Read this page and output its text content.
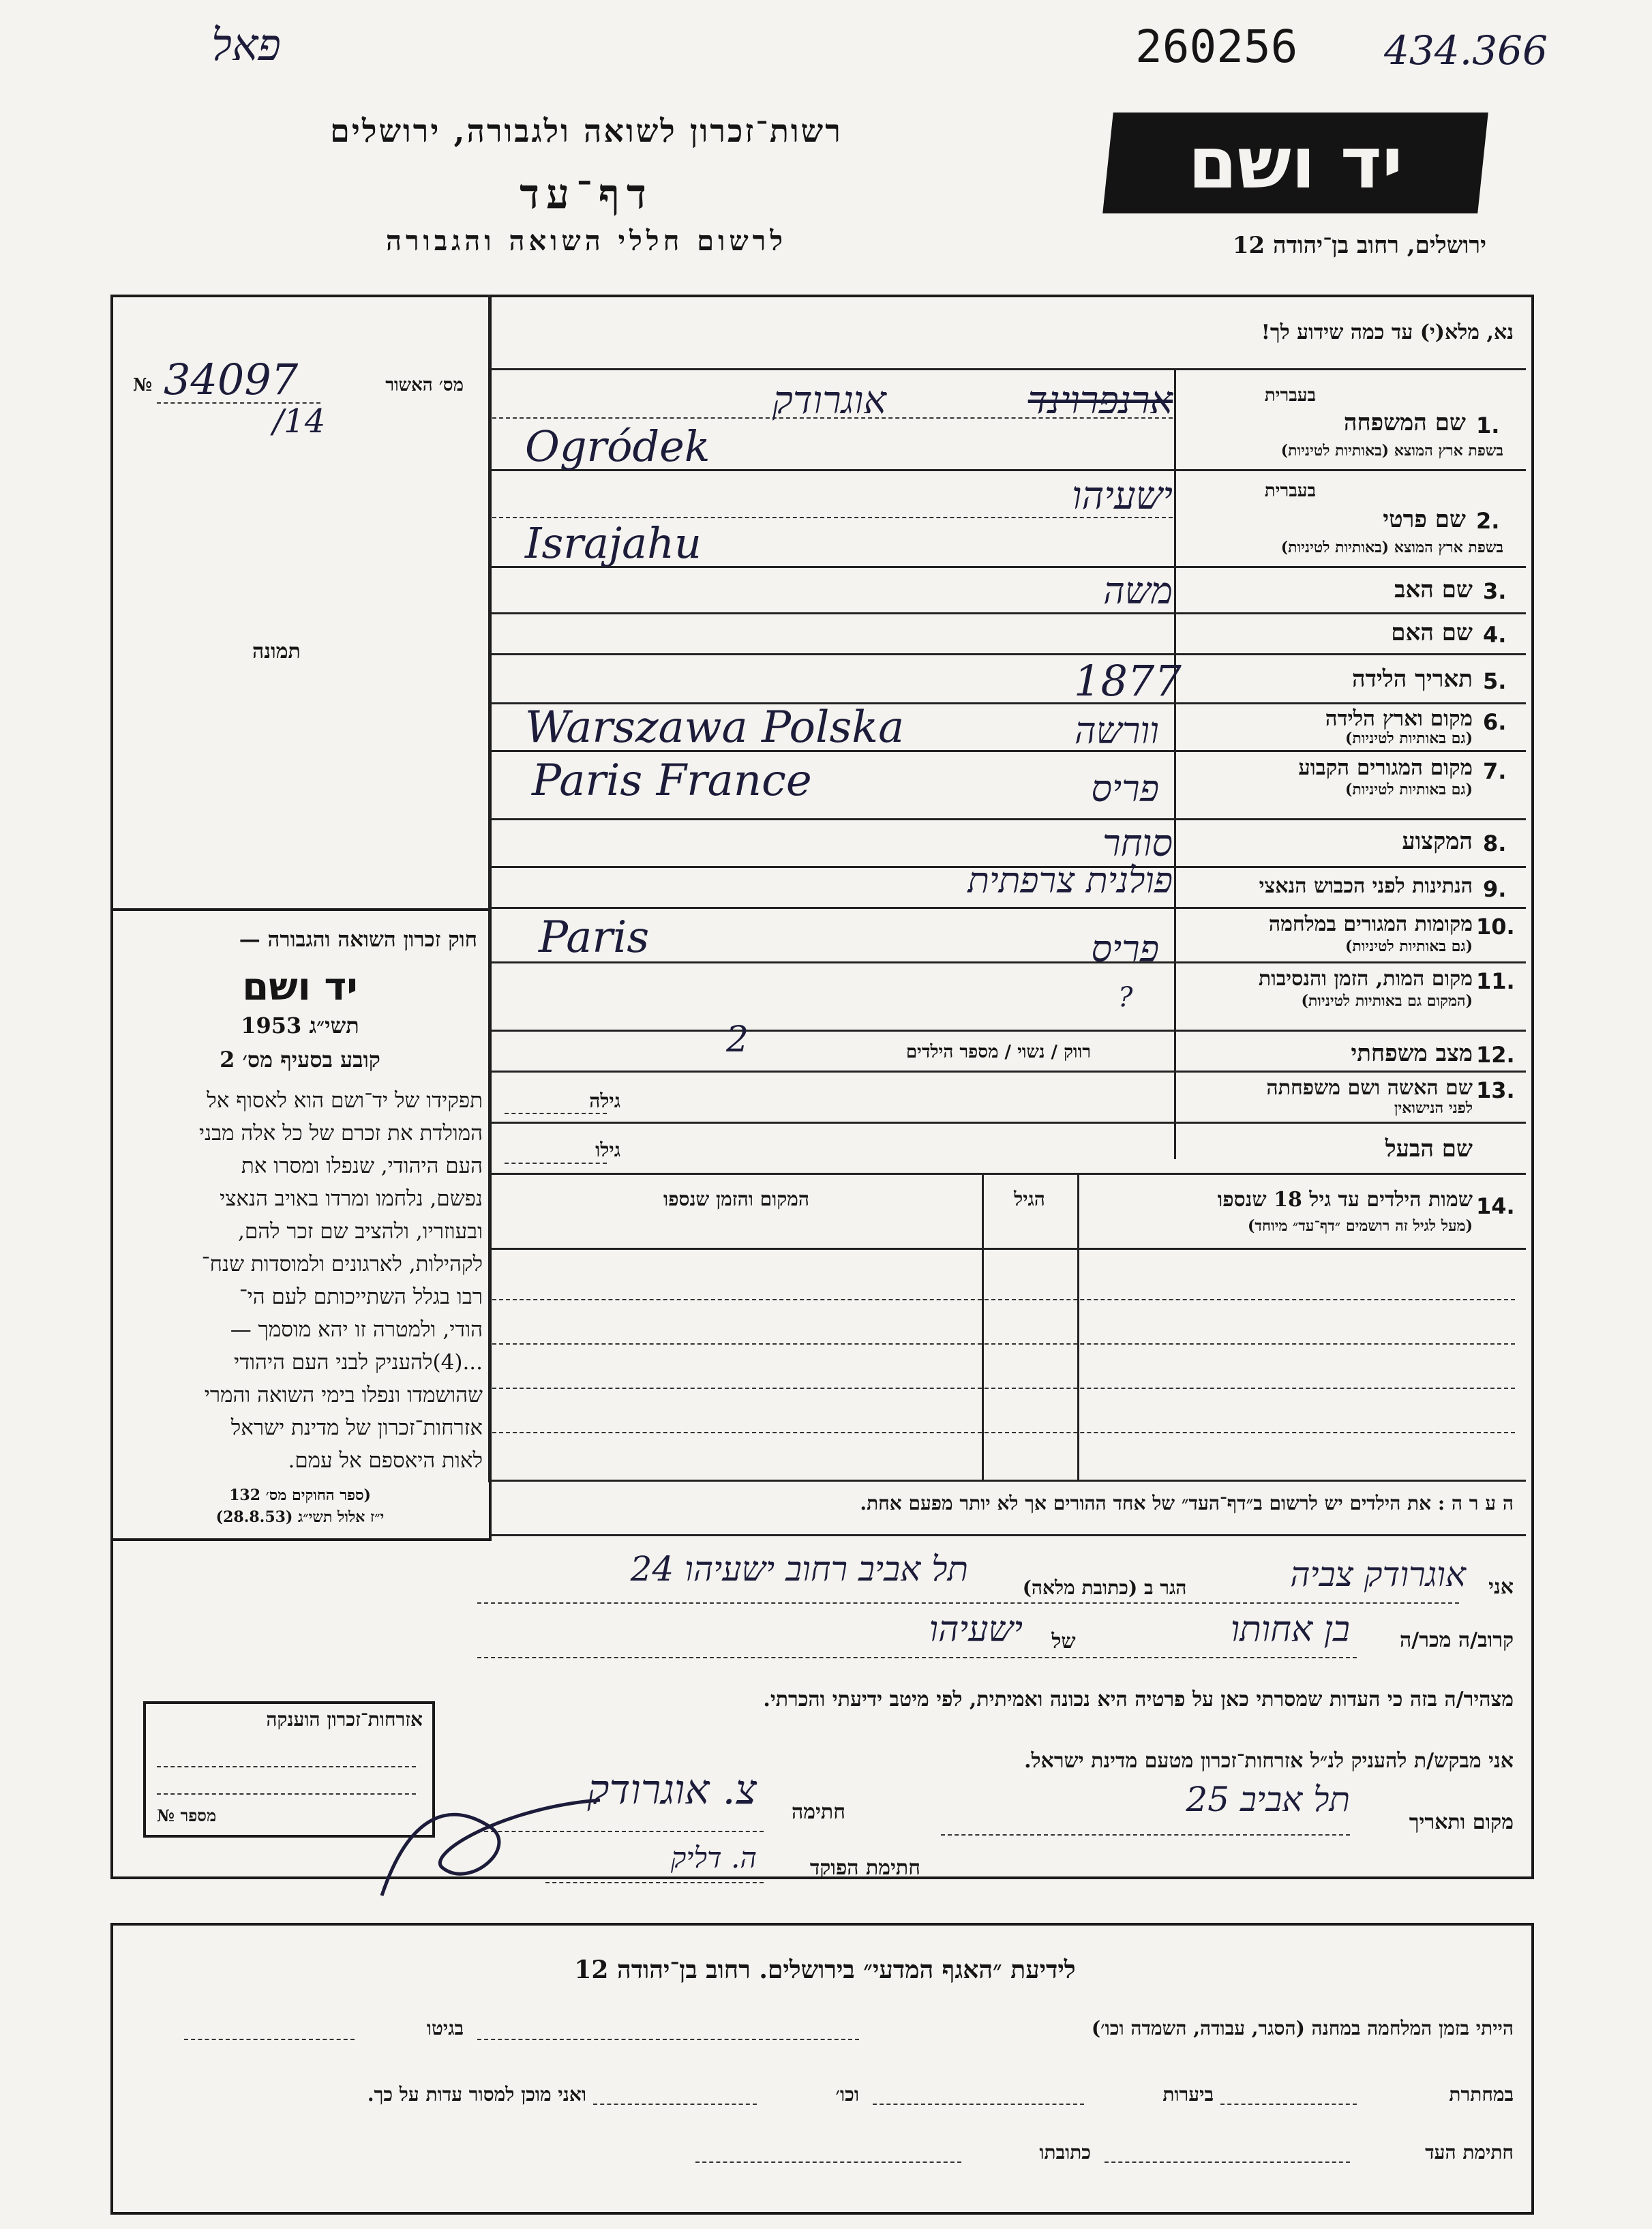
פאל	260256 434.366
רשות־זכרון לשואה ולגבורה, ירושלים
דף־עד
לרשום חללי השואה והגבורה
יד ושם
ירושלים, רחוב בן־יהודה 12
מס׳ האשור
№ 34097
/14
תמונה
חוק זכרון השואה והגבורה —
יד ושם
תשי״ג 1953
קובע בסעיף מס׳ 2
תפקידו של יד־ושם הוא לאסוף אל
המולדת את זכרם של כל אלה מבני
העם היהודי, שנפלו ומסרו את
נפשם, נלחמו ומרדו באויב הנאצי
ובעוזריו, ולהציב שם זכר להם,
לקהילות, לארגונים ולמוסדות שנח־
רבו בגלל השתייכותם לעם הי־
הודי, ולמטרה זו יהא מוסמך —
...(4)להעניק לבני העם היהודי
שהושמדו ונפלו בימי השואה והמרי
אזרחות־זכרון של מדינת ישראל
לאות היאספם אל עמם.
(ספר החוקים מס׳ 132
י״ז אלול תשי״ג (28.8.53)
אזרחות־זכרון הוענקה
מספר №
נא, מלא(י) עד כמה שידוע לך!
בעברית
1.
שם המשפחה
בשפת ארץ המוצא (באותיות לטיניות)
ארנפרוינד
אוגרודק
Ogródek
בעברית
2.
שם פרטי
בשפת ארץ המוצא (באותיות לטיניות)
ישעיהו
Israjahu
3.
שם האב
משה
4.
שם האם
5.
תאריך הלידה
1877
6.
מקום וארץ הלידה
(גם באותיות לטיניות)
וורשה
Warszawa Polska
7.
מקום המגורים הקבוע
(גם באותיות לטיניות)
פריס
Paris France
8.
המקצוע
סוחר
9.
הנתינות לפני הכבוש הנאצי
פולנית צרפתית
10.
מקומות המגורים במלחמה
(גם באותיות לטיניות)
פריס
Paris
11.
מקום המות, הזמן והנסיבות
(המקום גם באותיות לטיניות)
?
12.
מצב משפחתי
רווק / נשוי / מספר הילדים
2
13.
שם האשה ושם משפחתה
לפני הנישואין
גילה
שם הבעל
גילו
14.
שמות הילדים עד גיל 18 שנספו
(מעל לגיל זה רושמים ״דף־עד״ מיוחד)
הגיל
המקום והזמן שנספו
ה ע ר ה : את הילדים יש לרשום ב״דף־העד״ של אחד ההורים אך לא יותר מפעם אחת.
אני
אוגרודק צביה
הגר ב (כתובת מלאה)
תל אביב רחוב ישעיהו 24
קרוב/ה מכר/ה
בן אחותו
של
ישעיהו
מצהיר/ה בזה כי העדות שמסרתי כאן על פרטיה היא נכונה ואמיתית, לפי מיטב ידיעתי והכרתי.
אני מבקש/ת להעניק לנ״ל אזרחות־זכרון מטעם מדינת ישראל.
מקום ותאריך
תל אביב 25
חתימה
צ. אוגרודק
חתימת הפוקד
ה. דליק
לידיעת ״האגף המדעי״ בירושלים. רחוב בן־יהודה 12
הייתי בזמן המלחמה במחנה (הסגר, עבודה, השמדה וכו׳)
בגיטו
במחתרת
ביערות
וכו׳
ואני מוכן למסור עדות על כך.
חתימת העד
כתובתו
